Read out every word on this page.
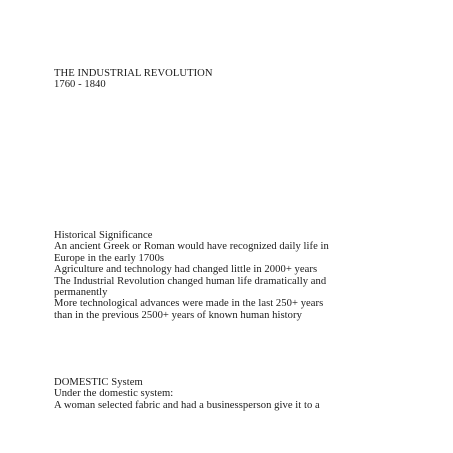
THE INDUSTRIAL REVOLUTION
1760 - 1840
Historical Significance
An ancient Greek or Roman would have recognized daily life in
Europe in the early 1700s
Agriculture and technology had changed little in 2000+ years
The Industrial Revolution changed human life dramatically and
permanently
More technological advances were made in the last 250+ years
than in the previous 2500+ years of known human history
DOMESTIC System
Under the domestic system:
A woman selected fabric and had a businessperson give it to a
